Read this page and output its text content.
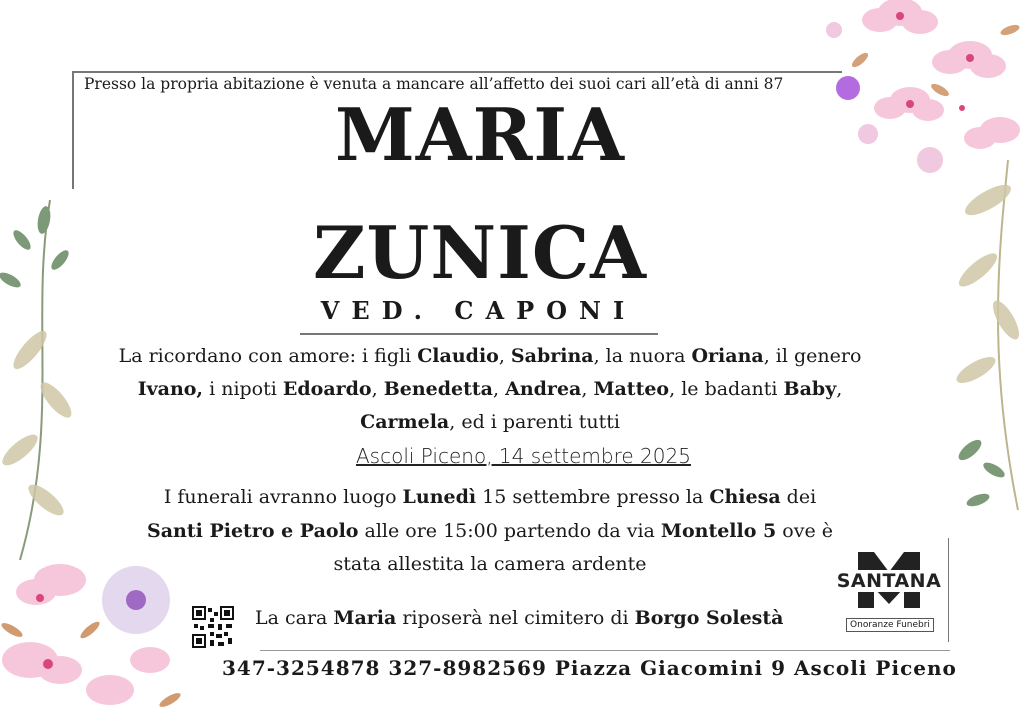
Presso la propria abitazione è venuta a mancare all’affetto dei suoi cari all’età di anni 87
MARIA
ZUNICA
VED. CAPONI
La ricordano con amore: i figli Claudio, Sabrina, la nuora Oriana, il genero
Ivano, i nipoti Edoardo, Benedetta, Andrea, Matteo, le badanti Baby,
Carmela, ed i parenti tutti
Ascoli Piceno, 14 settembre 2025
I funerali avranno luogo Lunedì 15 settembre presso la Chiesa dei
Santi Pietro e Paolo alle ore 15:00 partendo da via Montello 5 ove è
stata allestita la camera ardente
La cara Maria riposerà nel cimitero di Borgo Solestà
SANTANA
Onoranze Funebri
347-3254878 327-8982569 Piazza Giacomini 9 Ascoli Piceno
